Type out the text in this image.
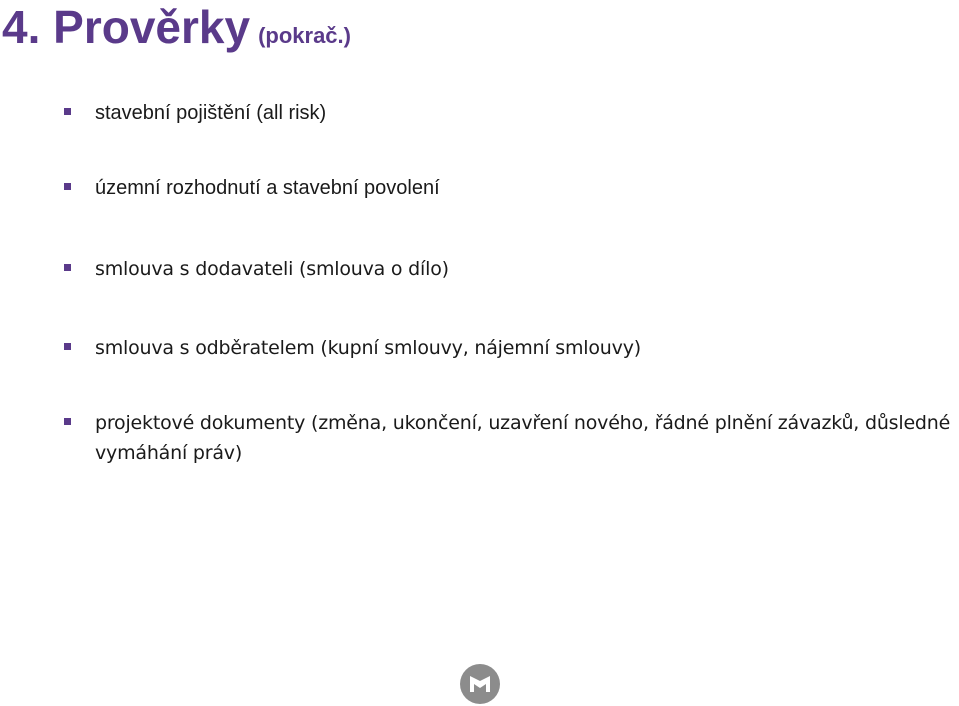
4. Prověrky (pokrač.)
stavební pojištění (all risk)
územní rozhodnutí a stavební povolení
smlouva s dodavateli (smlouva o dílo)
smlouva s odběratelem (kupní smlouvy, nájemní smlouvy)
projektové dokumenty (změna, ukončení, uzavření nového, řádné plnění závazků, důsledné vymáhání práv)
